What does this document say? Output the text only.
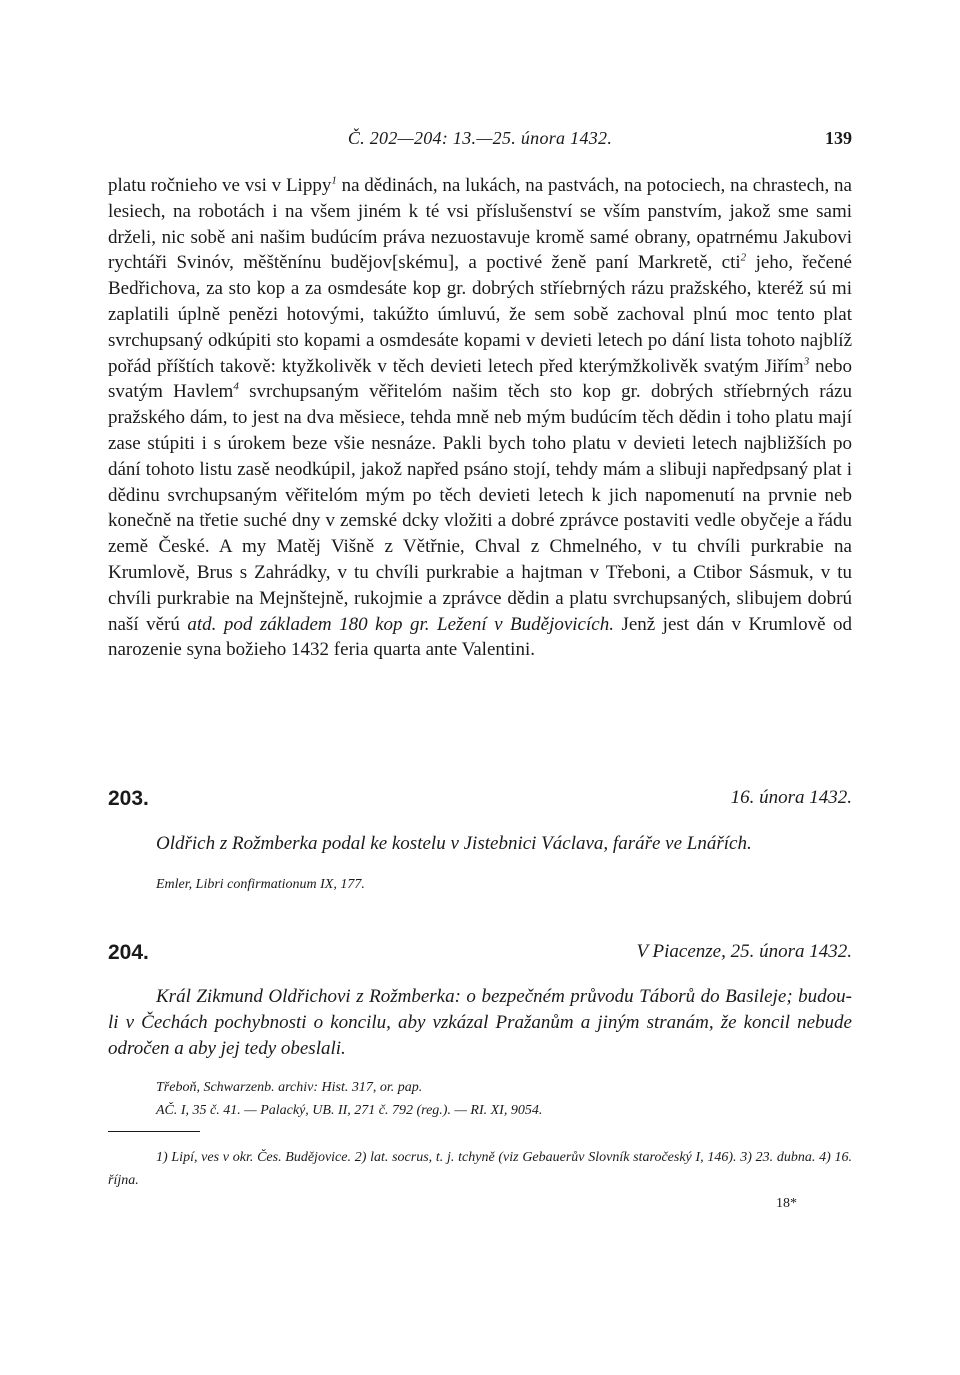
Č. 202—204: 13.—25. února 1432.	139

platu ročnieho ve vsi v Lippy$^1$ na dědinách, na lukách, na pastvách, na potociech, na chrastech, na lesiech, na robotách i na všem jiném k té vsi příslušenství se vším panstvím, jakož sme sami drželi, nic sobě ani našim budúcím práva nezuostavuje kromě samé obrany, opatrnému Jakubovi rychtáři Svinóv, měštěnínu budějov[skému], a poctivé ženě paní Markretě, cti$^2$ jeho, řečené Bedřichova, za sto kop a za osmdesáte kop gr. dobrých stříebrných rázu pražského, kteréž sú mi zaplatili úplně penězi hotovými, takúžto úmluvú, že sem sobě zachoval plnú moc tento plat svrchupsaný odkúpiti sto kopami a osmdesáte kopami v devieti letech po dání lista tohoto najblíž pořád příštích takově: ktyžkolivěk v těch devieti letech před kterýmžkolivěk svatým Jiřím$^3$ nebo svatým Havlem$^4$ svrchupsaným věřitelóm našim těch sto kop gr. dobrých stříebrných rázu pražského dám, to jest na dva měsiece, tehda mně neb mým budúcím těch dědin i toho platu mají zase stúpiti i s úrokem beze všie nesnáze. Pakli bych toho platu v devieti letech najbližších po dání tohoto listu zasě neodkúpil, jakož napřed psáno stojí, tehdy mám a slibuji napředpsaný plat i dědinu svrchupsaným věřitelóm mým po těch devieti letech k jich napomenutí na prvnie neb konečně na třetie suché dny v zemské dcky vložiti a dobré zprávce postaviti vedle obyčeje a řádu země České. A my Matěj Višně z Větřnie, Chval z Chmelného, v tu chvíli purkrabie na Krumlově, Brus s Zahrádky, v tu chvíli purkrabie a hajtman v Třeboni, a Ctibor Sásmuk, v tu chvíli purkrabie na Mejnštejně, rukojmie a zprávce dědin a platu svrchupsaných, slibujem dobrú naší věrú atd. pod základem 180 kop gr. Ležení v Budějovicích. Jenž jest dán v Krumlově od narozenie syna božieho 1432 feria quarta ante Valentini.

203.	16. února 1432.

Oldřich z Rožmberka podal ke kostelu v Jistebnici Václava, faráře ve Lnářích.

Emler, Libri confirmationum IX, 177.

204.	V Piacenze, 25. února 1432.

Král Zikmund Oldřichovi z Rožmberka: o bezpečném průvodu Táborů do Basileje; budou-li v Čechách pochybnosti o koncilu, aby vzkázal Pražanům a jiným stranám, že koncil nebude odročen a aby jej tedy obeslali.

Třeboň, Schwarzenb. archiv: Hist. 317, or. pap.

AČ. I, 35 č. 41. — Palacký, UB. II, 271 č. 792 (reg.). — RI. XI, 9054.

1) Lipí, ves v okr. Čes. Budějovice. 2) lat. socrus, t. j. tchyně (viz Gebauerův Slovník staročeský I, 146). 3) 23. dubna. 4) 16. října.

18*
